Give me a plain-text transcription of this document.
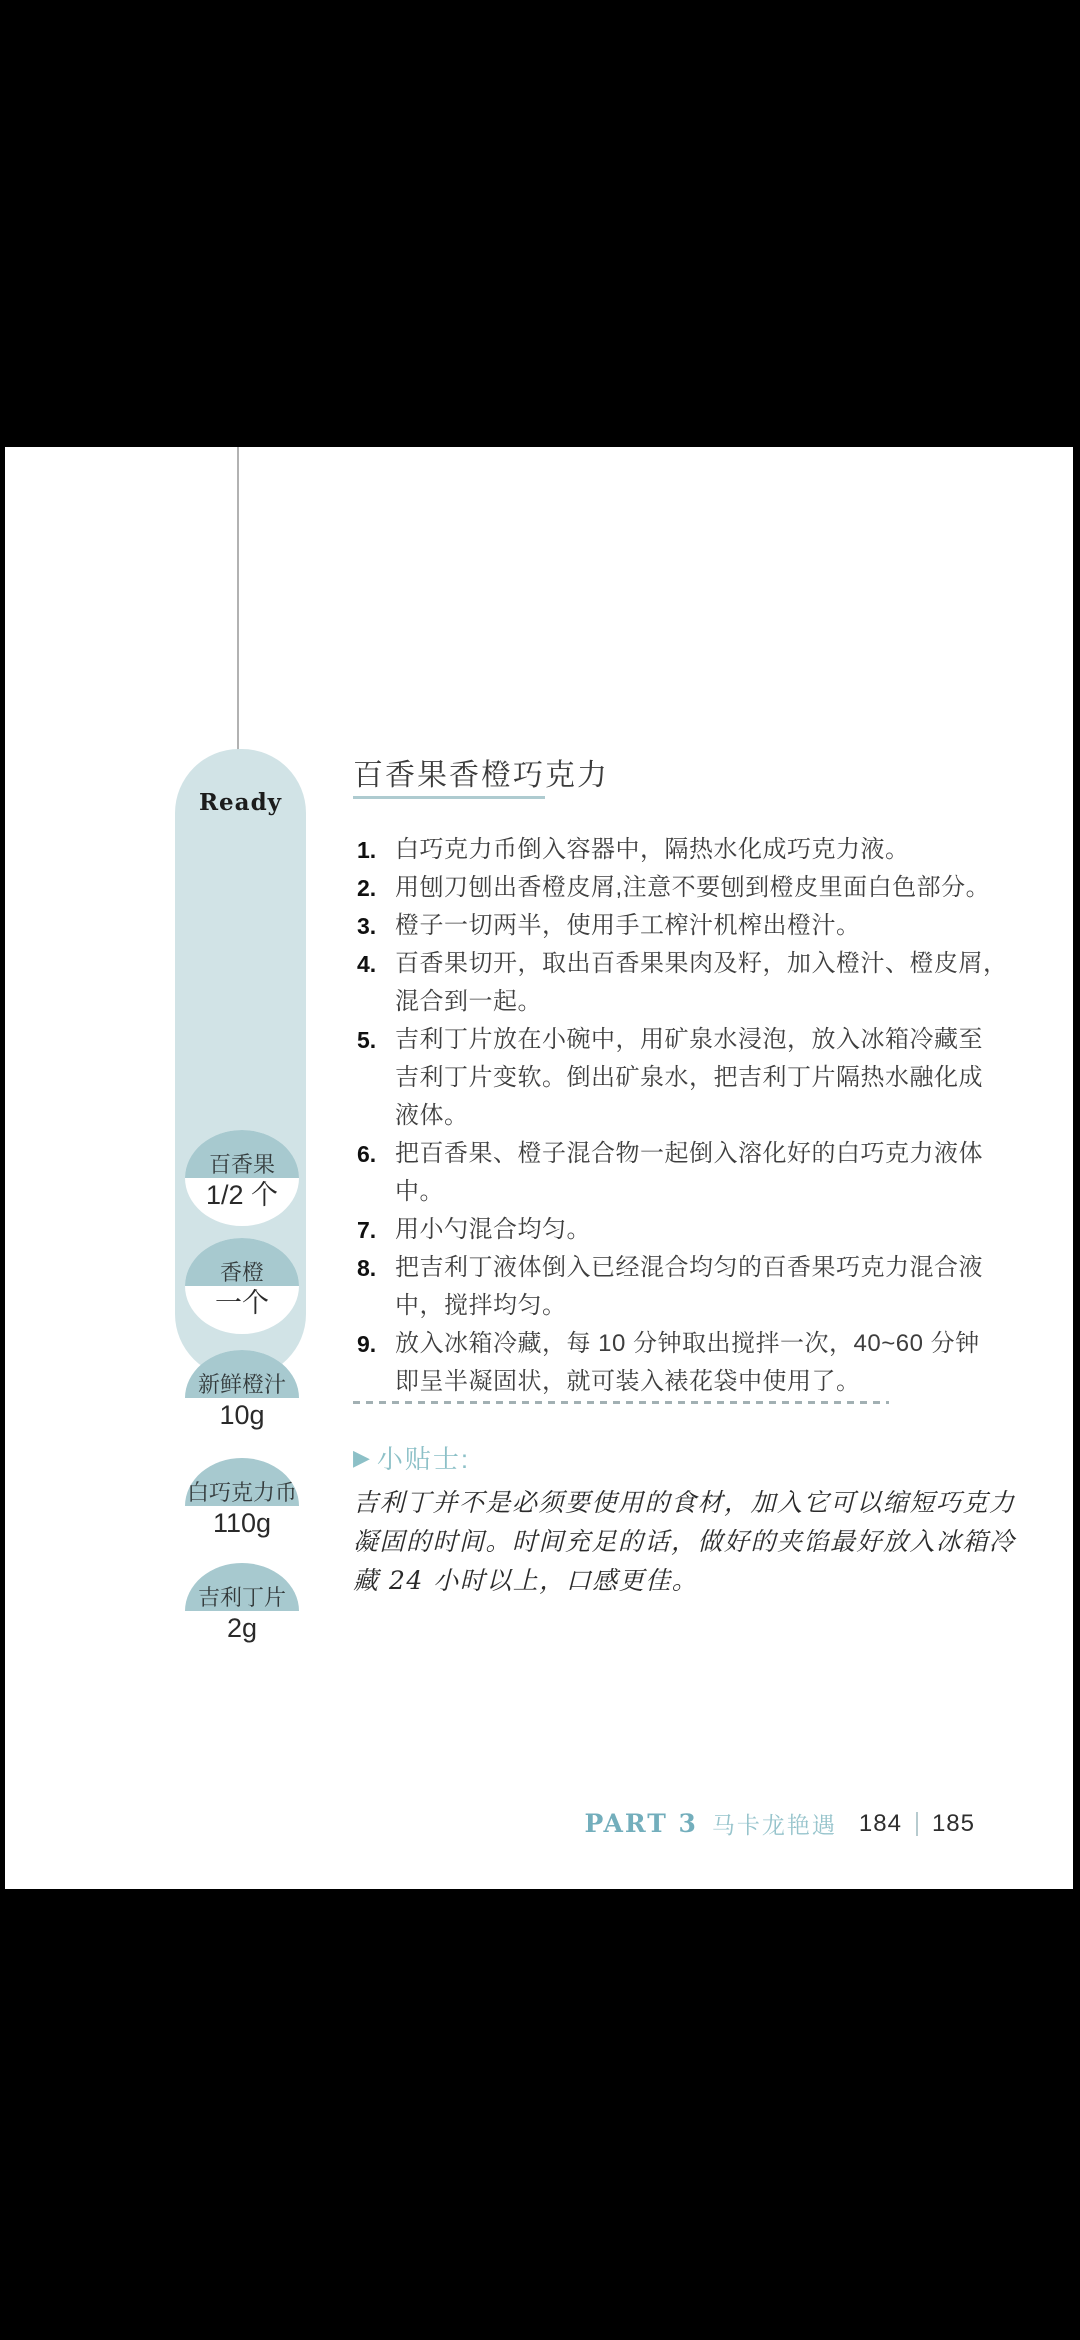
Ready
百香果
1/2 个
香橙
一个
新鲜橙汁
10g
白巧克力币
110g
吉利丁片
2g
百香果香橙巧克力
1. 白巧克力币倒入容器中，隔热水化成巧克力液。
2. 用刨刀刨出香橙皮屑,注意不要刨到橙皮里面白色部分。
3. 橙子一切两半，使用手工榨汁机榨出橙汁。
4. 百香果切开，取出百香果果肉及籽，加入橙汁、橙皮屑，
混合到一起。
5. 吉利丁片放在小碗中，用矿泉水浸泡，放入冰箱冷藏至
吉利丁片变软。倒出矿泉水，把吉利丁片隔热水融化成
液体。
6. 把百香果、橙子混合物一起倒入溶化好的白巧克力液体
中。
7. 用小勺混合均匀。
8. 把吉利丁液体倒入已经混合均匀的百香果巧克力混合液
中，搅拌均匀。
9. 放入冰箱冷藏，每 10 分钟取出搅拌一次，40~60 分钟
即呈半凝固状，就可装入裱花袋中使用了。
▶ 小贴士:
吉利丁并不是必须要使用的食材，加入它可以缩短巧克力
凝固的时间。时间充足的话，做好的夹馅最好放入冰箱冷
藏 24 小时以上，口感更佳。
PART 3 马卡龙艳遇 184 185
